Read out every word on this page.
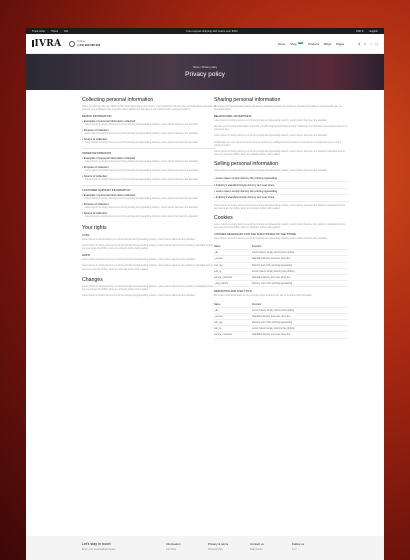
Track order Tiktok Gift	Free express shipping with orders over $150	USD $ English
IVRA	Hotline
(+01) 000 000 000	Home Shop $^{Sale}$	Products Blogs Pages	⚲ ☺ ♡ ▢
Home / Privacy policy
Privacy policy
Collecting personal information
When you visit the Site, we collect certain information about your device, your interaction with the Site, and information necessary to process your purchases. We may also collect additional information if you contact us for customer support.
DEVICE INFORMATION
• Examples of personal information collected:
Lorem Ipsum is simply dummy text of the printing and typesetting industry. Lorem Ipsum has been the standard.
• Purpose of collection:
Lorem Ipsum is simply dummy text of the printing and typesetting industry. Lorem Ipsum has been the standard.
• Source of collection:
Lorem Ipsum is simply dummy text of the printing and typesetting industry. Lorem Ipsum has been the standard.
ORDER INFORMATION
• Examples of personal information collected:
Lorem Ipsum is simply dummy text of the printing and typesetting industry. Lorem Ipsum has been the standard.
• Purpose of collection:
Lorem Ipsum is simply dummy text of the printing and typesetting industry. Lorem Ipsum has been the standard.
• Source of collection:
Lorem Ipsum is simply dummy text of the printing and typesetting industry. Lorem Ipsum has been the standard.
CUSTOMER SUPPORT INFORMATION
• Examples of personal information collected:
Lorem Ipsum is simply dummy text of the printing and typesetting industry. Lorem Ipsum has been the standard.
• Purpose of collection:
Lorem Ipsum is simply dummy text of the printing and typesetting industry. Lorem Ipsum has been the standard.
• Source of collection:
Lorem Ipsum is simply dummy text of the printing and typesetting industry. Lorem Ipsum has been the standard.
Your rights
CCPA
Lorem Ipsum is simply dummy text of the printing and typesetting industry. Lorem Ipsum has been the standard.
Lorem Ipsum is simply dummy text of the printing and typesetting industry. Lorem Ipsum has been the industry's standard dummy text ever since the 1500s, when an unknown printer took a galley.
GDPR
Lorem Ipsum is simply dummy text of the printing and typesetting industry. Lorem Ipsum has been the standard.
Lorem Ipsum is simply dummy text of the printing and typesetting industry. Lorem Ipsum has been the industry's standard dummy text ever since the 1500s, when an unknown printer took a galley.
Changes
Lorem Ipsum is simply dummy text of the printing and typesetting industry. Lorem Ipsum has been the industry's standard dummy text ever since the 1500s, when an unknown printer took a galley.
Lorem Ipsum is simply dummy text of the printing and typesetting industry. Lorem Ipsum has been the standard.
Sharing personal information
We share your Personal Information with service providers to help us provide our services and fulfill our contracts with you, as described above.
BEHAVIOURAL ADVERTISING
Lorem Ipsum is simply dummy text of the printing and typesetting industry. Lorem Ipsum has been the standard.
We use your Personal Information to provide you with targeted advertisements or marketing communications we believe may be of interest to you.
Lorem Ipsum is simply dummy text of the printing and typesetting industry. Lorem Ipsum has been the standard.
Additionally, you can opt out of some of these services by visiting the opt-out portal. Lorem Ipsum is simply dummy text of the printing industry.
Lorem Ipsum is simply dummy text of the printing and typesetting industry. Lorem Ipsum has been the industry's standard dummy text ever since the 1500s, when an unknown printer took a galley.
Selling personal information
Lorem Ipsum is simply dummy text of the printing and typesetting industry. Lorem Ipsum has been the standard.
• Lorem Ipsum simply dummy the printing typesetting
• Industry's standard simply dummy text ever since
• Lorem Ipsum simply dummy the printing typesetting
• Industry's standard simply dummy text ever since
Lorem Ipsum is simply dummy text of the printing and typesetting industry. Lorem Ipsum has been the industry's standard dummy text ever since the 1500s, when an unknown printer took a galley.
Cookies
Lorem Ipsum is simply dummy text of the printing and typesetting industry. Lorem Ipsum has been the industry's standard dummy text ever since the 1500s, when an unknown printer took a galley.
COOKIES NECESSARY FOR THE FUNCTIONING OF THE STORE
Lorem Ipsum is simply dummy text of the printing and typesetting industry. Lorem Ipsum has been the standard.
Name	Function
_ab	Lorem Ipsum simply dummy the printing
_secure	Standard dummy text ever since the
cart_sig	Dummy text of the printing typesetting
cart_ts	Lorem Ipsum simply dummy the printing
secure_customer	Standard dummy text ever since the
_orig_referrer	Dummy text of the printing typesetting
REPORTING AND ANALYTICS
We retain Order Information for our records unless and until you ask us to delete this information.
Name	Function
_ab	Lorem Ipsum simply dummy the printing
_secure	Standard dummy text ever since the
cart_sig	Dummy text of the printing typesetting
cart_ts	Lorem Ipsum simply dummy the printing
secure_customer	Standard dummy text ever since the
Let's stay in touch
Enter your email address below
Information
Our Story
Privacy & terms
Privacy Policy
Contact us
Help Center
Follow us
f t p i
